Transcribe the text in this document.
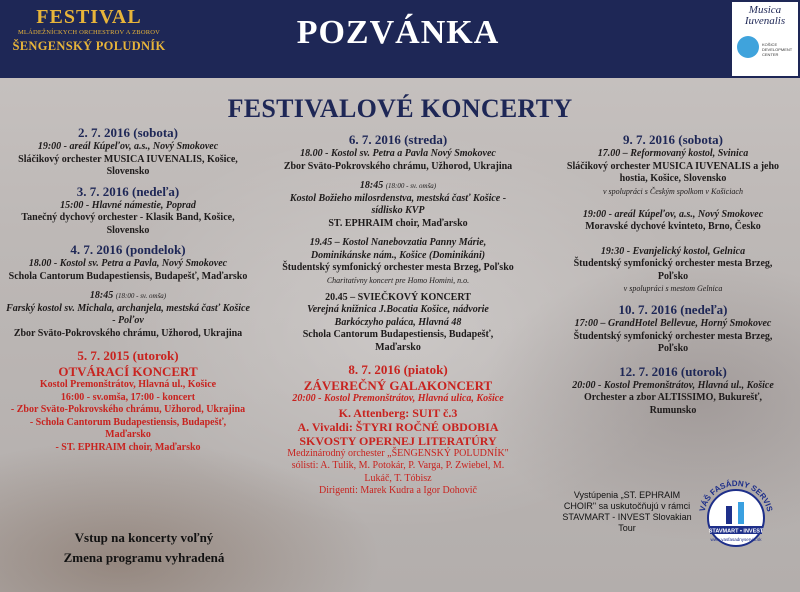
FESTIVAL
MLÁDEŽNÍCKYCH ORCHESTROV A ZBOROV
ŠENGENSKÝ POLUDNÍK	POZVÁNKA
Musica
Iuvenalis
KOŠICE DEVELOPMENT CENTER
FESTIVALOVÉ KONCERTY
2. 7. 2016 (sobota)
19:00 - areál Kúpeľov, a.s., Nový Smokovec
Sláčikový orchester MUSICA IUVENALIS, Košice, Slovensko
3. 7. 2016 (nedeľa)
15:00 - Hlavné námestie, Poprad
Tanečný dychový orchester - Klasik Band, Košice, Slovensko
4. 7. 2016 (pondelok)
18.00 - Kostol sv. Petra a Pavla, Nový Smokovec
Schola Cantorum Budapestiensis, Budapešť, Maďarsko
18:45 (18:00 - sv. omša)
Farský kostol sv. Michala, archanjela, mestská časť Košice - Poľov
Zbor Sväto-Pokrovského chrámu, Užhorod, Ukrajina
5. 7. 2015 (utorok)
OTVÁRACÍ KONCERT
Kostol Premonštrátov, Hlavná ul., Košice
16:00 - sv.omša, 17:00 - koncert
- Zbor Sväto-Pokrovského chrámu, Užhorod, Ukrajina
- Schola Cantorum Budapestiensis, Budapešť, Maďarsko
- ST. EPHRAIM choir, Maďarsko
6. 7. 2016 (streda)
18.00 - Kostol sv. Petra a Pavla Nový Smokovec
Zbor Sväto-Pokrovského chrámu, Užhorod, Ukrajina
18:45 (18:00 - sv. omša)
Kostol Božieho milosrdenstva, mestská časť Košice - sídlisko KVP
ST. EPHRAIM choir, Maďarsko
19.45 – Kostol Nanebovzatia Panny Márie, Dominikánske nám., Košice (Dominikáni)
Študentský symfonický orchester mesta Brzeg, Poľsko
Charitatívny koncert pre Homo Homini, n.o.
20.45 – SVIEČKOVÝ KONCERT
Verejná knižnica J.Bocatia Košice, nádvorie Barkóczyho paláca, Hlavná 48
Schola Cantorum Budapestiensis, Budapešť, Maďarsko
8. 7. 2016 (piatok)
ZÁVEREČNÝ GALAKONCERT
20:00 - Kostol Premonštrátov, Hlavná ulica, Košice
K. Attenberg: SUIT č.3
A. Vivaldi: ŠTYRI ROČNÉ OBDOBIA
SKVOSTY OPERNEJ LITERATÚRY
Medzinárodný orchester „ŠENGENSKÝ POLUDNÍK"
sólisti: A. Tulik, M. Potokár, P. Varga, P. Zwiebel, M. Lukáč, T. Tóbisz
Dirigenti: Marek Kudra a Igor Dohovič
9. 7. 2016 (sobota)
17.00 – Reformovaný kostol, Svinica
Sláčikový orchester MUSICA IUVENALIS a jeho hostia, Košice, Slovensko
v spolupráci s Českým spolkom v Košiciach
19:00 - areál Kúpeľov, a.s., Nový Smokovec
Moravské dychové kvinteto, Brno, Česko
19:30 - Evanjelický kostol, Gelnica
Študentský symfonický orchester mesta Brzeg, Poľsko
v spolupráci s mestom Gelnica
10. 7. 2016 (nedeľa)
17:00 – GrandHotel Bellevue, Horný Smokovec
Študentský symfonický orchester mesta Brzeg, Poľsko
12. 7. 2016 (utorok)
20:00 - Kostol Premonštrátov, Hlavná ul., Košice
Orchester a zbor ALTISSIMO, Bukurešť, Rumunsko
Vstup na koncerty voľný
Zmena programu vyhradená
Vystúpenia „ST. EPHRAIM CHOIR" sa uskutočňujú v rámci STAVMART - INVEST Slovakian Tour
VÁŠ FASÁDNY SERVIS
STAVMART • INVEST
www.vasfasadnyservis.sk
